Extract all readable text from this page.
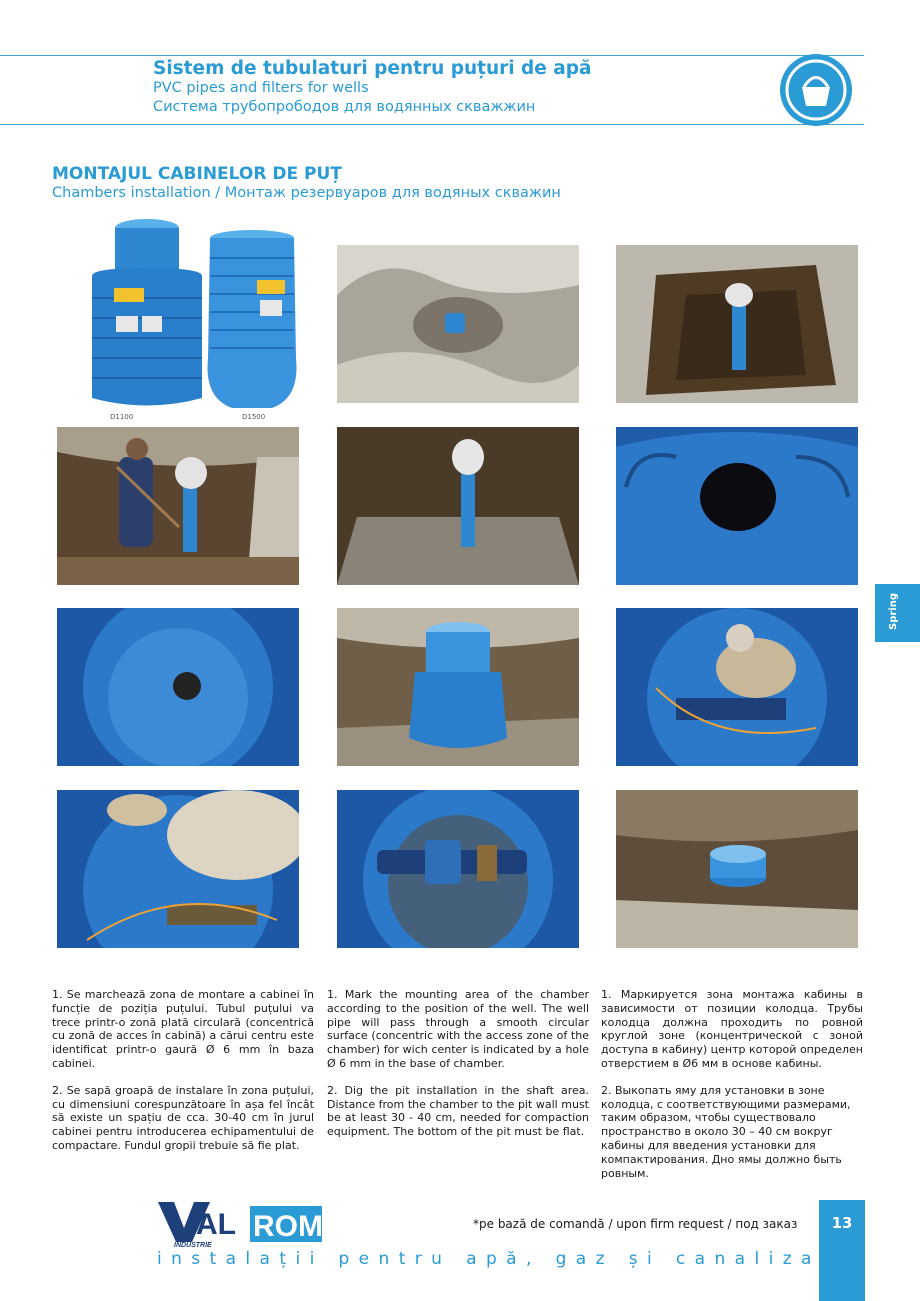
Sistem de tubulaturi pentru puțuri de apă
PVC pipes and filters for wells
Система трубопрободов для водянных скважжин
MONTAJUL CABINELOR DE PUȚ
Chambers installation / Монтаж резервуаров для водяных скважин
D1100	D1500
Spring

1. Se marchează zona de montare a cabinei în funcție de poziția puțului. Tubul puțului va trece printr-o zonă plată circulară (concentrică cu zonă de acces în cabină) a cărui centru este identificat printr-o gaură Ø 6 mm în baza cabinei.

2. Se sapă groapă de instalare în zona puțului, cu dimensiuni corespunzătoare în așa fel încât să existe un spațiu de cca. 30-40 cm în jurul cabinei pentru introducerea echipamentului de compactare. Fundul gropii trebuie să fie plat.

1. Mark the mounting area of the chamber according to the position of the well. The well pipe will pass through a smooth circular surface (concentric with the access zone of the chamber) for wich center is indicated by a hole Ø 6 mm in the base of chamber.

2. Dig the pit installation in the shaft area. Distance from the chamber to the pit wall must be at least 30 - 40 cm, needed for compaction equipment. The bottom of the pit must be flat.

1. Маркируется зона монтажа кабины в зависимости от позиции колодца. Трубы колодца должна проходить по ровной круглой зоне (концентрической с зоной доступа в кабину) центр которой определен отверстием в Ø6 мм в основе кабины.

2. Выкопать яму для установки в зоне колодца, с соответствующими размерами, таким образом, чтобы существовало пространство в около 30 – 40 см вокруг кабины для введения установки для компактирования. Дно ямы должно быть ровным.

AL ROM
INDUSTRIE
*pe bază de comandă / upon firm request / под заказ	13
instalații pentru apă, gaz și canalizare
